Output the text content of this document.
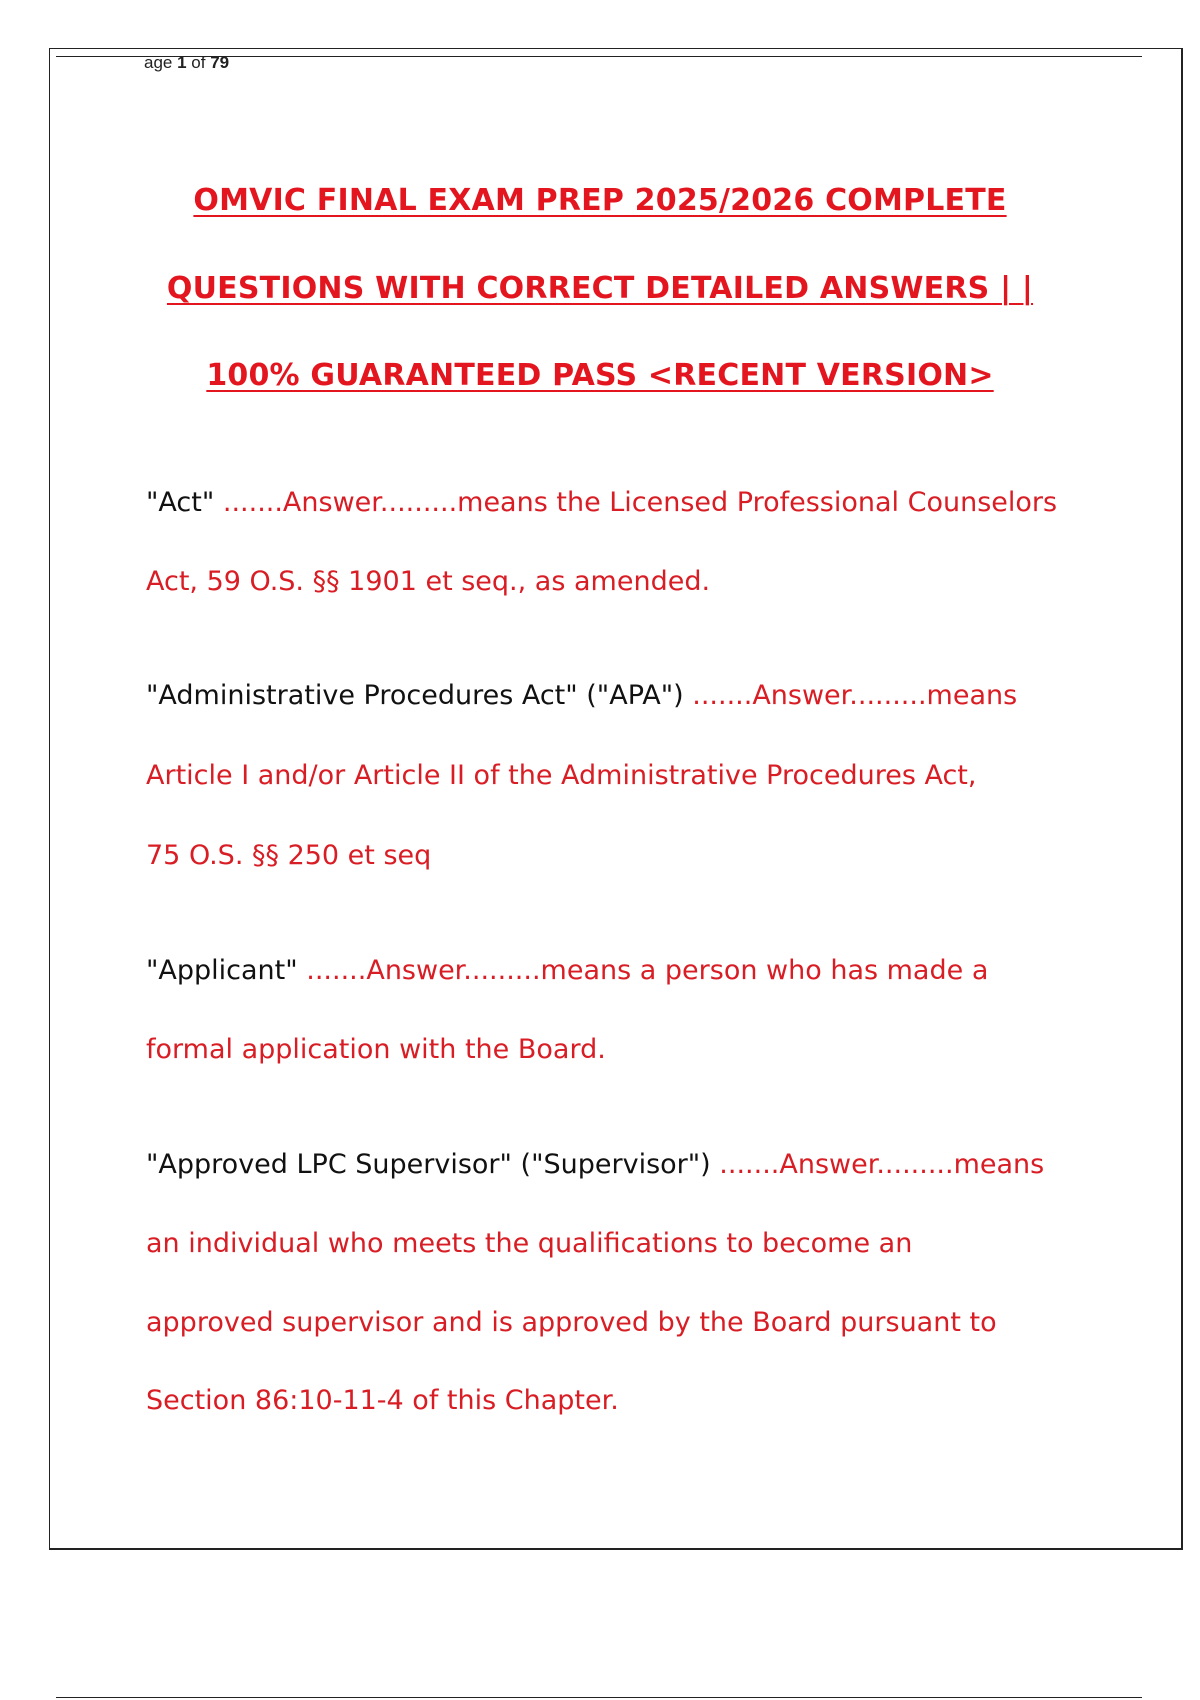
age 1 of 79
OMVIC FINAL EXAM PREP 2025/2026 COMPLETE
QUESTIONS WITH CORRECT DETAILED ANSWERS | |
100% GUARANTEED PASS <RECENT VERSION>
"Act" .......Answer.........means the Licensed Professional Counselors
Act, 59 O.S. §§ 1901 et seq., as amended.
"Administrative Procedures Act" ("APA") .......Answer.........means
Article I and/or Article II of the Administrative Procedures Act,
75 O.S. §§ 250 et seq
"Applicant" .......Answer.........means a person who has made a
formal application with the Board.
"Approved LPC Supervisor" ("Supervisor") .......Answer.........means
an individual who meets the qualifications to become an
approved supervisor and is approved by the Board pursuant to
Section 86:10-11-4 of this Chapter.
